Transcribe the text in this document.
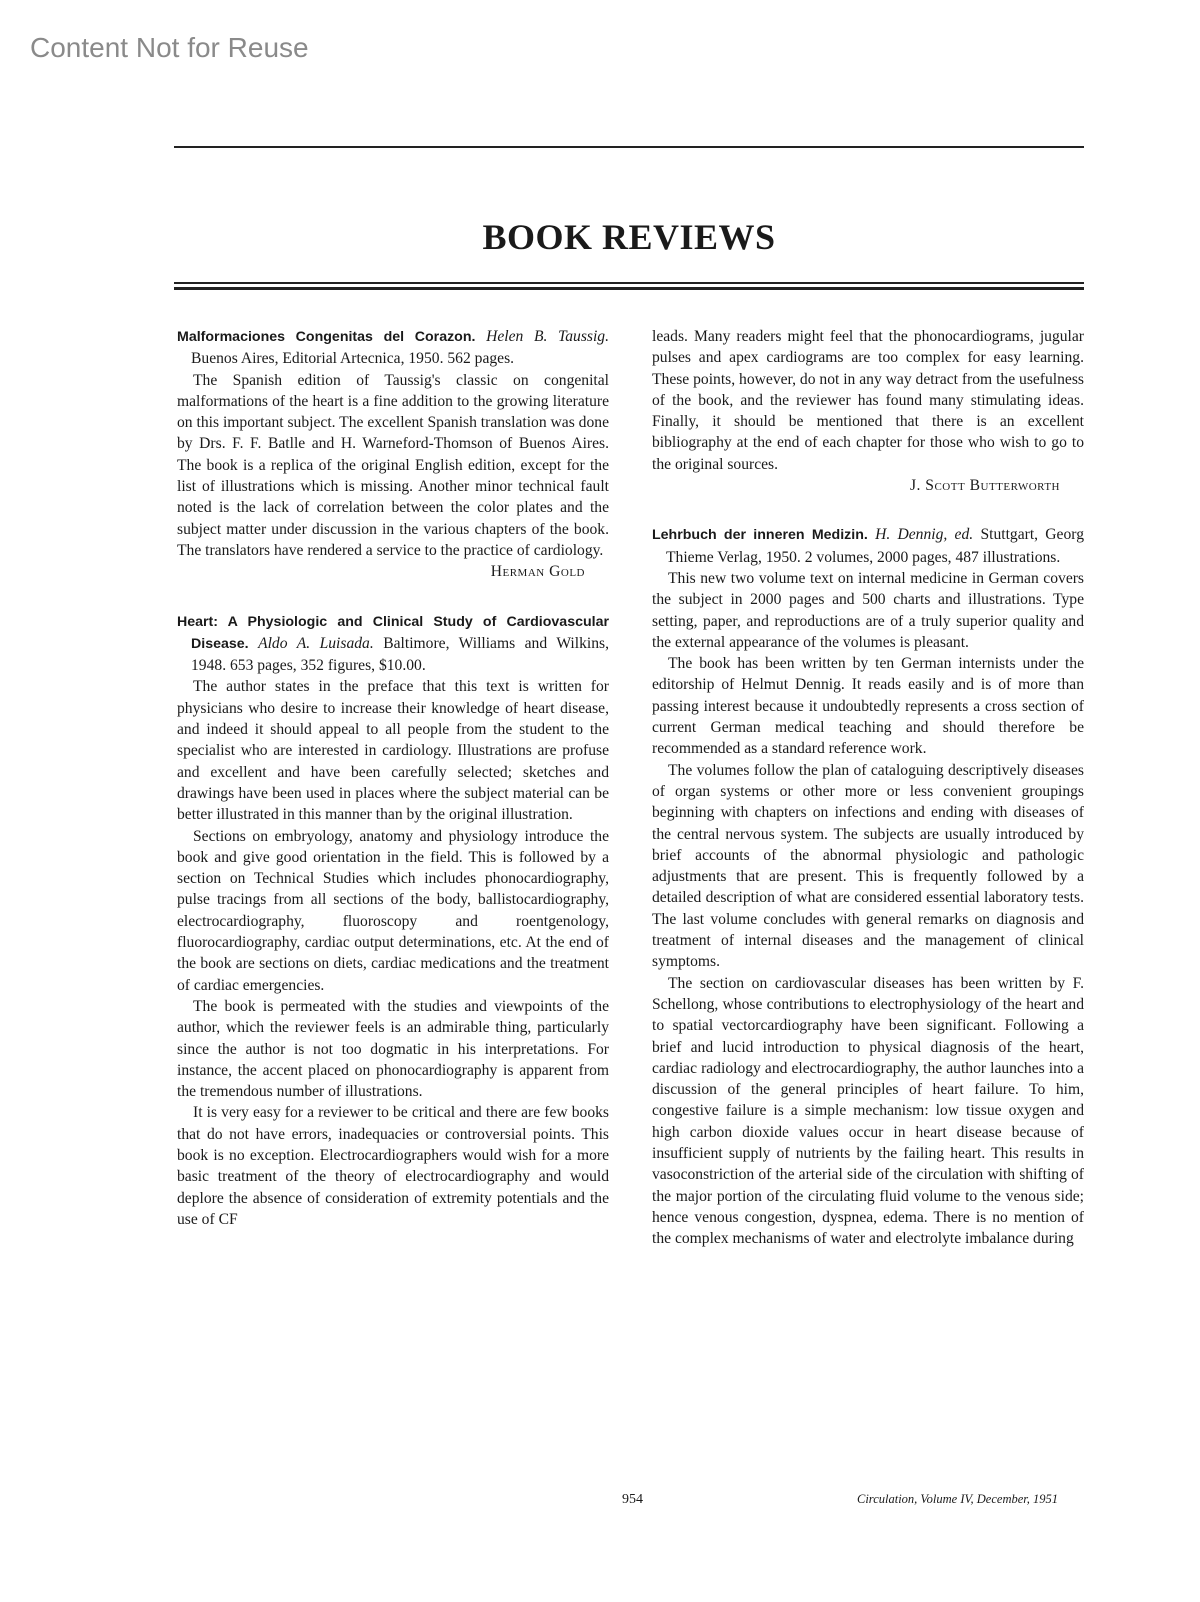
Content Not for Reuse
BOOK REVIEWS

Malformaciones Congenitas del Corazon. Helen B. Taussig. Buenos Aires, Editorial Artecnica, 1950. 562 pages.

The Spanish edition of Taussig's classic on congenital malformations of the heart is a fine addition to the growing literature on this important subject. The excellent Spanish translation was done by Drs. F. F. Batlle and H. Warneford-Thomson of Buenos Aires. The book is a replica of the original English edition, except for the list of illustrations which is missing. Another minor technical fault noted is the lack of correlation between the color plates and the subject matter under discussion in the various chapters of the book. The translators have rendered a service to the practice of cardiology.

Herman Gold

Heart: A Physiologic and Clinical Study of Cardiovascular Disease. Aldo A. Luisada. Baltimore, Williams and Wilkins, 1948. 653 pages, 352 figures, $10.00.

The author states in the preface that this text is written for physicians who desire to increase their knowledge of heart disease, and indeed it should appeal to all people from the student to the specialist who are interested in cardiology. Illustrations are profuse and excellent and have been carefully selected; sketches and drawings have been used in places where the subject material can be better illustrated in this manner than by the original illustration.

Sections on embryology, anatomy and physiology introduce the book and give good orientation in the field. This is followed by a section on Technical Studies which includes phonocardiography, pulse tracings from all sections of the body, ballistocardiography, electrocardiography, fluoroscopy and roentgenology, fluorocardiography, cardiac output determinations, etc. At the end of the book are sections on diets, cardiac medications and the treatment of cardiac emergencies.

The book is permeated with the studies and viewpoints of the author, which the reviewer feels is an admirable thing, particularly since the author is not too dogmatic in his interpretations. For instance, the accent placed on phonocardiography is apparent from the tremendous number of illustrations.

It is very easy for a reviewer to be critical and there are few books that do not have errors, inadequacies or controversial points. This book is no exception. Electrocardiographers would wish for a more basic treatment of the theory of electrocardiography and would deplore the absence of consideration of extremity potentials and the use of CF

leads. Many readers might feel that the phonocardiograms, jugular pulses and apex cardiograms are too complex for easy learning. These points, however, do not in any way detract from the usefulness of the book, and the reviewer has found many stimulating ideas. Finally, it should be mentioned that there is an excellent bibliography at the end of each chapter for those who wish to go to the original sources.

J. Scott Butterworth

Lehrbuch der inneren Medizin. H. Dennig, ed. Stuttgart, Georg Thieme Verlag, 1950. 2 volumes, 2000 pages, 487 illustrations.

This new two volume text on internal medicine in German covers the subject in 2000 pages and 500 charts and illustrations. Type setting, paper, and reproductions are of a truly superior quality and the external appearance of the volumes is pleasant.

The book has been written by ten German internists under the editorship of Helmut Dennig. It reads easily and is of more than passing interest because it undoubtedly represents a cross section of current German medical teaching and should therefore be recommended as a standard reference work.

The volumes follow the plan of cataloguing descriptively diseases of organ systems or other more or less convenient groupings beginning with chapters on infections and ending with diseases of the central nervous system. The subjects are usually introduced by brief accounts of the abnormal physiologic and pathologic adjustments that are present. This is frequently followed by a detailed description of what are considered essential laboratory tests. The last volume concludes with general remarks on diagnosis and treatment of internal diseases and the management of clinical symptoms.

The section on cardiovascular diseases has been written by F. Schellong, whose contributions to electrophysiology of the heart and to spatial vectorcardiography have been significant. Following a brief and lucid introduction to physical diagnosis of the heart, cardiac radiology and electrocardiography, the author launches into a discussion of the general principles of heart failure. To him, congestive failure is a simple mechanism: low tissue oxygen and high carbon dioxide values occur in heart disease because of insufficient supply of nutrients by the failing heart. This results in vasoconstriction of the arterial side of the circulation with shifting of the major portion of the circulating fluid volume to the venous side; hence venous congestion, dyspnea, edema. There is no mention of the complex mechanisms of water and electrolyte imbalance during

954	Circulation, Volume IV, December, 1951
